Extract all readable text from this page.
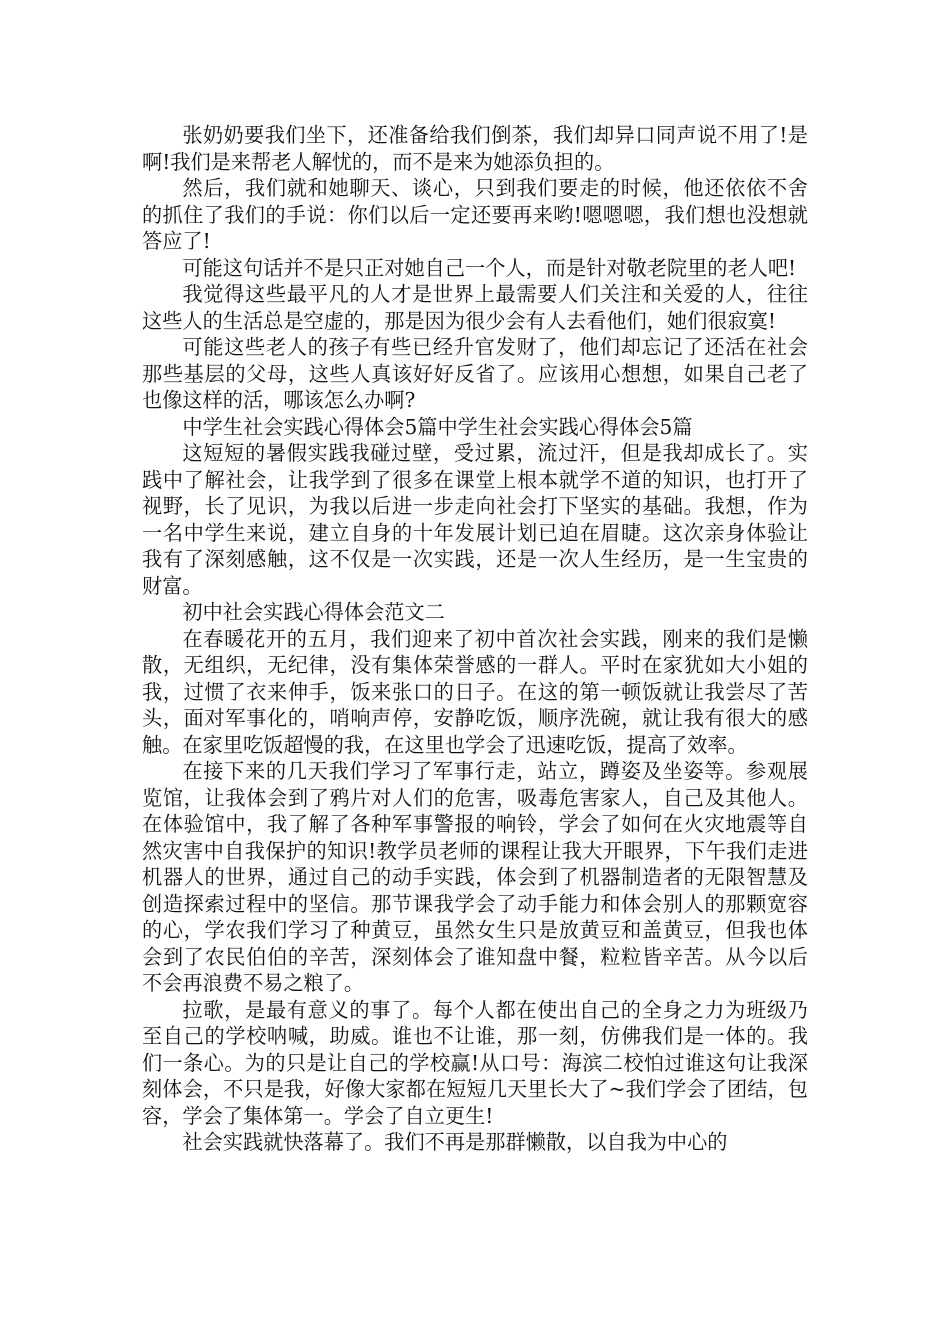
张奶奶要我们坐下，还准备给我们倒茶，我们却异口同声说不用了!是啊!我们是来帮老人解忧的，而不是来为她添负担的。

然后，我们就和她聊天、谈心，只到我们要走的时候，他还依依不舍的抓住了我们的手说：你们以后一定还要再来哟!嗯嗯嗯，我们想也没想就答应了!

可能这句话并不是只正对她自己一个人，而是针对敬老院里的老人吧!

我觉得这些最平凡的人才是世界上最需要人们关注和关爱的人，往往这些人的生活总是空虚的，那是因为很少会有人去看他们，她们很寂寞!

可能这些老人的孩子有些已经升官发财了，他们却忘记了还活在社会那些基层的父母，这些人真该好好反省了。应该用心想想，如果自己老了也像这样的活，哪该怎么办啊?

中学生社会实践心得体会5篇中学生社会实践心得体会5篇

这短短的暑假实践我碰过壁，受过累，流过汗，但是我却成长了。实践中了解社会，让我学到了很多在课堂上根本就学不道的知识，也打开了视野，长了见识，为我以后进一步走向社会打下坚实的基础。我想，作为一名中学生来说，建立自身的十年发展计划已迫在眉睫。这次亲身体验让我有了深刻感触，这不仅是一次实践，还是一次人生经历，是一生宝贵的财富。

初中社会实践心得体会范文二

在春暖花开的五月，我们迎来了初中首次社会实践，刚来的我们是懒散，无组织，无纪律，没有集体荣誉感的一群人。平时在家犹如大小姐的我，过惯了衣来伸手，饭来张口的日子。在这的第一顿饭就让我尝尽了苦头，面对军事化的，哨响声停，安静吃饭，顺序洗碗，就让我有很大的感触。在家里吃饭超慢的我，在这里也学会了迅速吃饭，提高了效率。

在接下来的几天我们学习了军事行走，站立，蹲姿及坐姿等。参观展览馆，让我体会到了鸦片对人们的危害，吸毒危害家人，自己及其他人。在体验馆中，我了解了各种军事警报的响铃，学会了如何在火灾地震等自然灾害中自我保护的知识!教学员老师的课程让我大开眼界，下午我们走进机器人的世界，通过自己的动手实践，体会到了机器制造者的无限智慧及创造探索过程中的坚信。那节课我学会了动手能力和体会别人的那颗宽容的心，学农我们学习了种黄豆，虽然女生只是放黄豆和盖黄豆，但我也体会到了农民伯伯的辛苦，深刻体会了谁知盘中餐，粒粒皆辛苦。从今以后不会再浪费不易之粮了。

拉歌，是最有意义的事了。每个人都在使出自己的全身之力为班级乃至自己的学校呐喊，助威。谁也不让谁，那一刻，仿佛我们是一体的。我们一条心。为的只是让自己的学校赢!从口号：海滨二校怕过谁这句让我深刻体会，不只是我，好像大家都在短短几天里长大了~我们学会了团结，包容，学会了集体第一。学会了自立更生!

社会实践就快落幕了。我们不再是那群懒散，以自我为中心的
